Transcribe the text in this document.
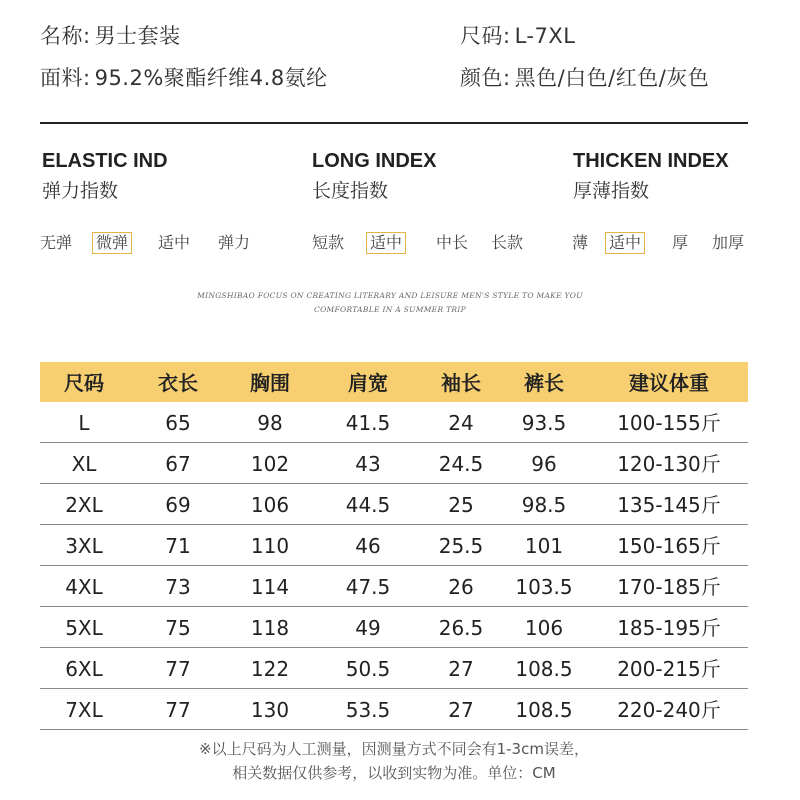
名称: 男士套装	尺码: L-7XL
面料: 95.2%聚酯纤维4.8氨纶	颜色: 黑色/白色/红色/灰色
ELASTIC IND
弹力指数
LONG INDEX
长度指数
THICKEN INDEX
厚薄指数
无弹 微弹 适中 弹力	短款 适中 中长 长款	薄 适中 厚 加厚
MINGSHIBAO FOCUS ON CREATING LITERARY AND LEISURE MEN'S STYLE TO MAKE YOU
COMFORTABLE IN A SUMMER TRIP
尺码	衣长	胸围	肩宽	袖长	裤长	建议体重
L	65	98	41.5	24	93.5	100-155斤
XL	67	102	43	24.5	96	120-130斤
2XL	69	106	44.5	25	98.5	135-145斤
3XL	71	110	46	25.5	101	150-165斤
4XL	73	114	47.5	26	103.5	170-185斤
5XL	75	118	49	26.5	106	185-195斤
6XL	77	122	50.5	27	108.5	200-215斤
7XL	77	130	53.5	27	108.5	220-240斤
※以上尺码为人工测量，因测量方式不同会有1-3cm误差，
相关数据仅供参考，以收到实物为准。单位：CM
